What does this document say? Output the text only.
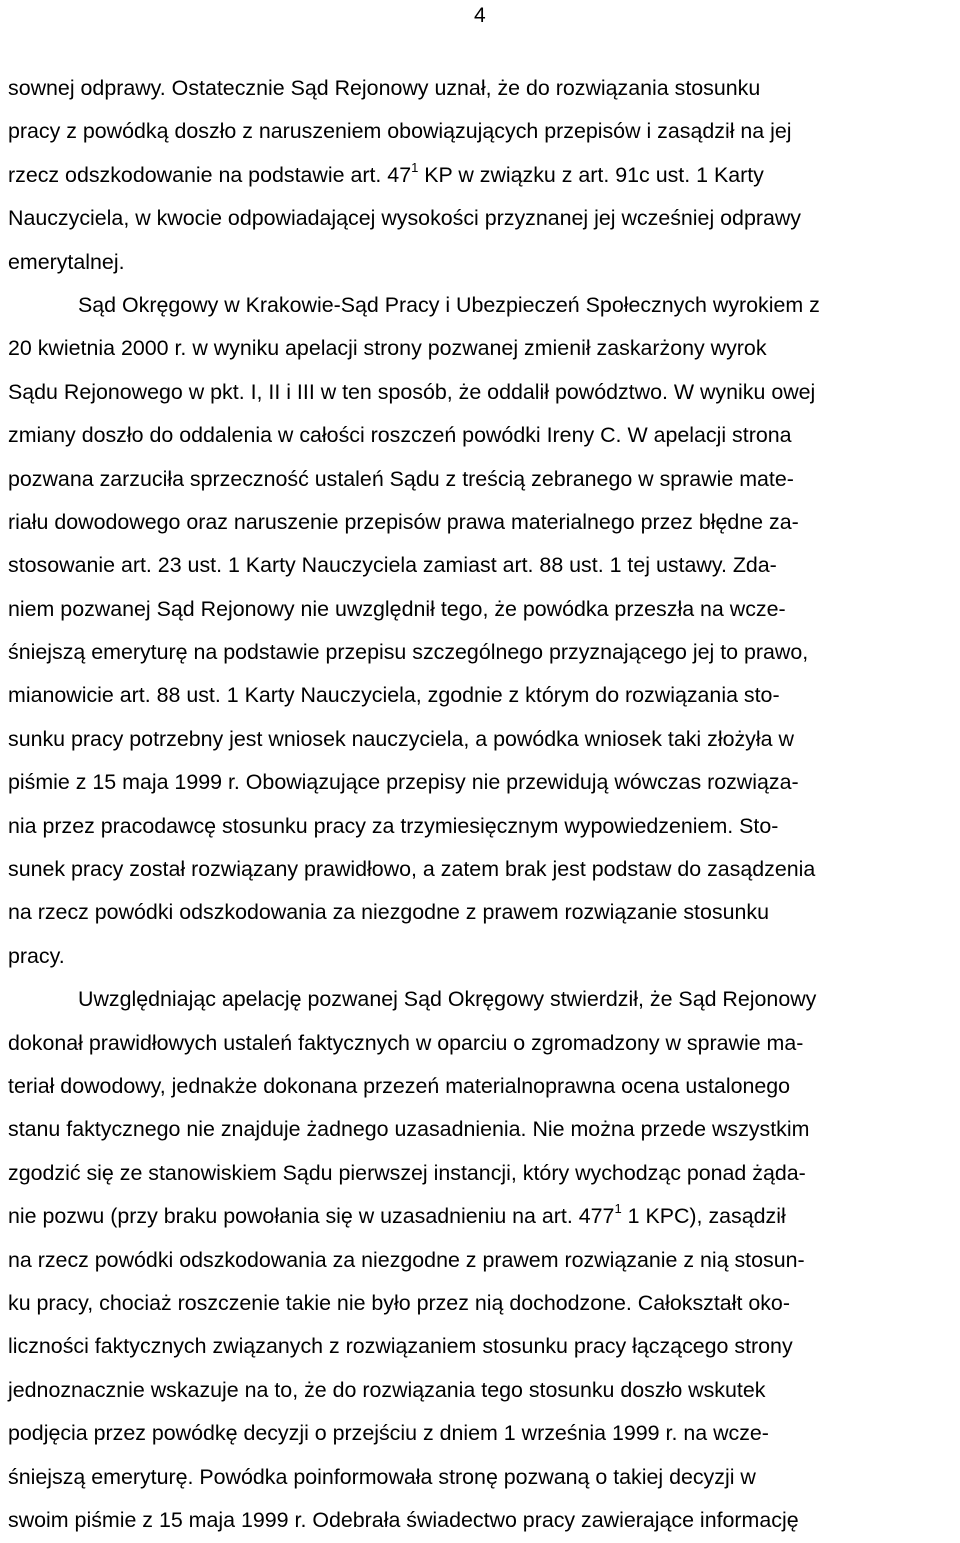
4
sownej odprawy. Ostatecznie Sąd Rejonowy uznał, że do rozwiązania stosunku
pracy z powódką doszło z naruszeniem obowiązujących przepisów i zasądził na jej
rzecz odszkodowanie na podstawie art. $47^1$ KP w związku z art. 91c ust. 1 Karty
Nauczyciela, w kwocie odpowiadającej wysokości przyznanej jej wcześniej odprawy
emerytalnej.
Sąd Okręgowy w Krakowie-Sąd Pracy i Ubezpieczeń Społecznych wyrokiem z
20 kwietnia 2000 r. w wyniku apelacji strony pozwanej zmienił zaskarżony wyrok
Sądu Rejonowego w pkt. I, II i III w ten sposób, że oddalił powództwo. W wyniku owej
zmiany doszło do oddalenia w całości roszczeń powódki Ireny C. W apelacji strona
pozwana zarzuciła sprzeczność ustaleń Sądu z treścią zebranego w sprawie mate-
riału dowodowego oraz naruszenie przepisów prawa materialnego przez błędne za-
stosowanie art. 23 ust. 1 Karty Nauczyciela zamiast art. 88 ust. 1 tej ustawy. Zda-
niem pozwanej Sąd Rejonowy nie uwzględnił tego, że powódka przeszła na wcze-
śniejszą emeryturę na podstawie przepisu szczególnego przyznającego jej to prawo,
mianowicie art. 88 ust. 1 Karty Nauczyciela, zgodnie z którym do rozwiązania sto-
sunku pracy potrzebny jest wniosek nauczyciela, a powódka wniosek taki złożyła w
piśmie z 15 maja 1999 r. Obowiązujące przepisy nie przewidują wówczas rozwiąza-
nia przez pracodawcę stosunku pracy za trzymiesięcznym wypowiedzeniem. Sto-
sunek pracy został rozwiązany prawidłowo, a zatem brak jest podstaw do zasądzenia
na rzecz powódki odszkodowania za niezgodne z prawem rozwiązanie stosunku
pracy.
Uwzględniając apelację pozwanej Sąd Okręgowy stwierdził, że Sąd Rejonowy
dokonał prawidłowych ustaleń faktycznych w oparciu o zgromadzony w sprawie ma-
teriał dowodowy, jednakże dokonana przezeń materialnoprawna ocena ustalonego
stanu faktycznego nie znajduje żadnego uzasadnienia. Nie można przede wszystkim
zgodzić się ze stanowiskiem Sądu pierwszej instancji, który wychodząc ponad żąda-
nie pozwu (przy braku powołania się w uzasadnieniu na art. $477^1$ 1 KPC), zasądził
na rzecz powódki odszkodowania za niezgodne z prawem rozwiązanie z nią stosun-
ku pracy, chociaż roszczenie takie nie było przez nią dochodzone. Całokształt oko-
liczności faktycznych związanych z rozwiązaniem stosunku pracy łączącego strony
jednoznacznie wskazuje na to, że do rozwiązania tego stosunku doszło wskutek
podjęcia przez powódkę decyzji o przejściu z dniem 1 września 1999 r. na wcze-
śniejszą emeryturę. Powódka poinformowała stronę pozwaną o takiej decyzji w
swoim piśmie z 15 maja 1999 r. Odebrała świadectwo pracy zawierające informację
